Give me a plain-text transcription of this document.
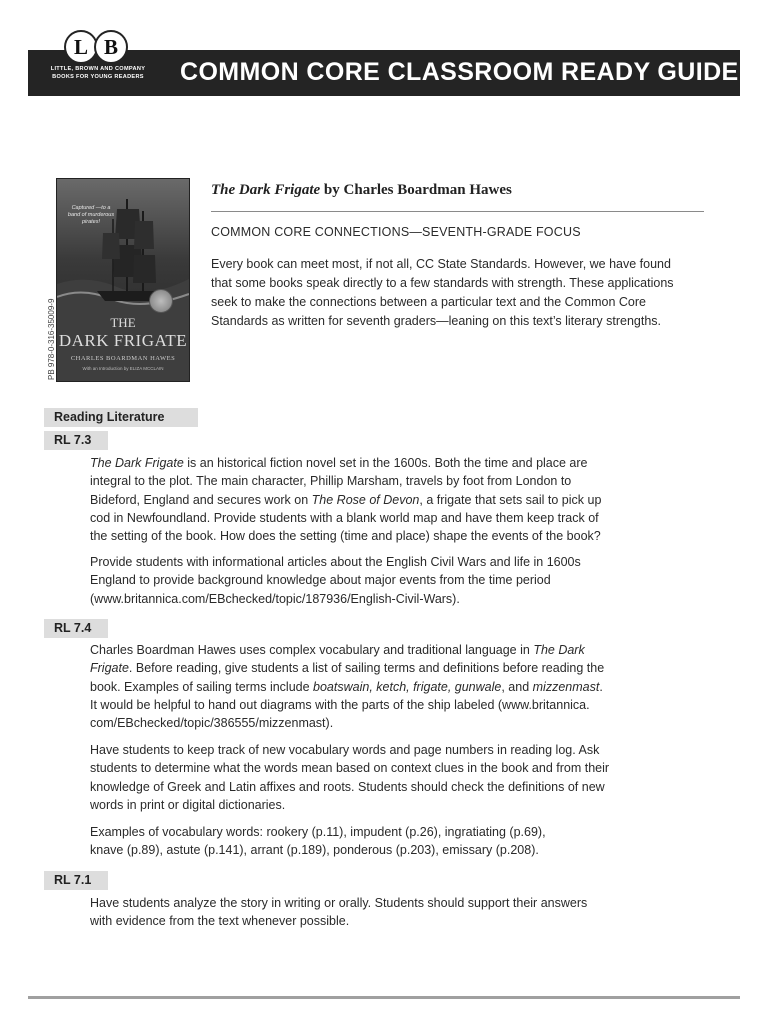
L B
LITTLE, BROWN AND COMPANY
BOOKS FOR YOUNG READERS	COMMON CORE CLASSROOM READY GUIDE
Captured —to a band of murderous pirates!
THE
DARK FRIGATE
CHARLES BOARDMAN HAWES
With an Introduction by ELIZA MCCLAIN
PB 978-0-316-35009-9
The Dark Frigate by Charles Boardman Hawes
COMMON CORE CONNECTIONS—SEVENTH-GRADE FOCUS
Every book can meet most, if not all, CC State Standards. However, we have found that some books speak directly to a few standards with strength. These applications seek to make the connections between a particular text and the Common Core Standards as written for seventh graders—leaning on this text’s literary strengths.
Reading Literature
RL 7.3
The Dark Frigate is an historical fiction novel set in the 1600s. Both the time and place are
integral to the plot. The main character, Phillip Marsham, travels by foot from London to
Bideford, England and secures work on The Rose of Devon, a frigate that sets sail to pick up
cod in Newfoundland. Provide students with a blank world map and have them keep track of
the setting of the book. How does the setting (time and place) shape the events of the book?
Provide students with informational articles about the English Civil Wars and life in 1600s
England to provide background knowledge about major events from the time period
(www.britannica.com/EBchecked/topic/187936/English-Civil-Wars).
RL 7.4
Charles Boardman Hawes uses complex vocabulary and traditional language in The Dark
Frigate. Before reading, give students a list of sailing terms and definitions before reading the
book. Examples of sailing terms include boatswain, ketch, frigate, gunwale, and mizzenmast.
It would be helpful to hand out diagrams with the parts of the ship labeled (www.britannica.
com/EBchecked/topic/386555/mizzenmast).
Have students to keep track of new vocabulary words and page numbers in reading log. Ask
students to determine what the words mean based on context clues in the book and from their
knowledge of Greek and Latin affixes and roots. Students should check the definitions of new
words in print or digital dictionaries.
Examples of vocabulary words: rookery (p.11), impudent (p.26), ingratiating (p.69),
knave (p.89), astute (p.141), arrant (p.189), ponderous (p.203), emissary (p.208).
RL 7.1
Have students analyze the story in writing or orally. Students should support their answers
with evidence from the text whenever possible.
